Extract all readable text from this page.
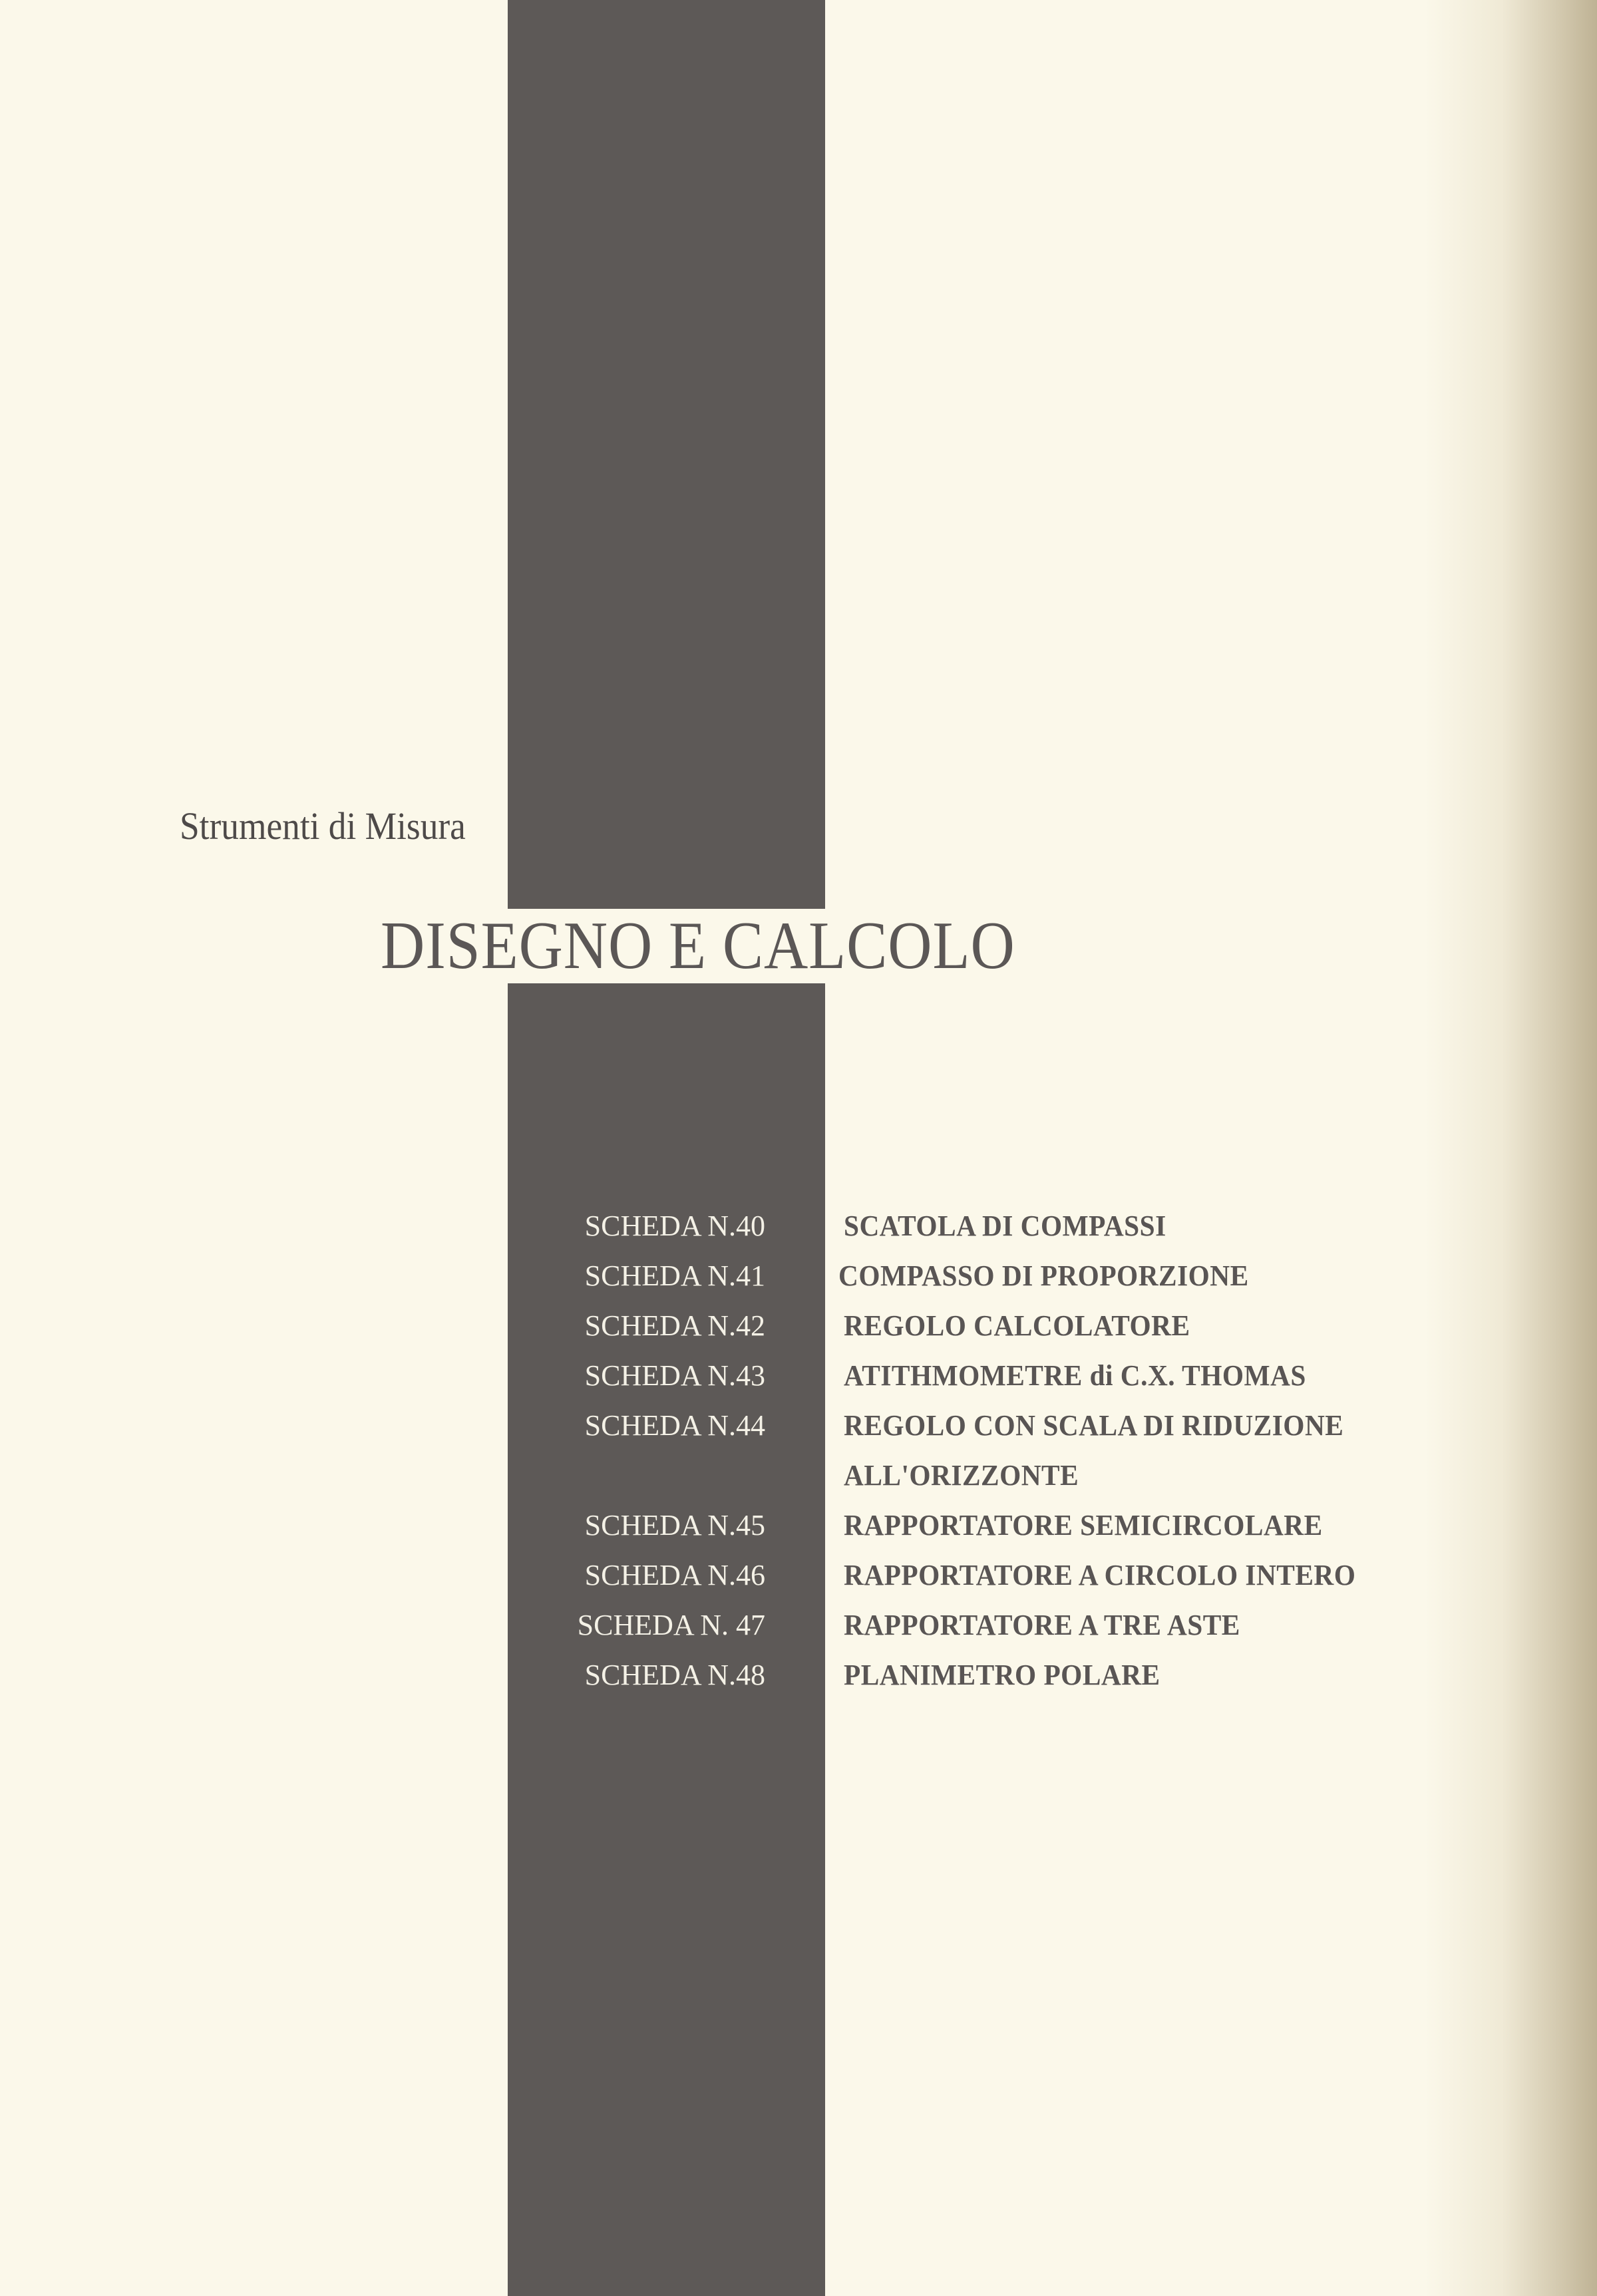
Strumenti di Misura
DISEGNO E CALCOLO
SCHEDA N.40	SCATOLA DI COMPASSI
SCHEDA N.41	COMPASSO DI PROPORZIONE
SCHEDA N.42	REGOLO CALCOLATORE
SCHEDA N.43	ATITHMOMETRE di C.X. THOMAS
SCHEDA N.44	REGOLO CON SCALA DI RIDUZIONE
ALL'ORIZZONTE
SCHEDA N.45	RAPPORTATORE SEMICIRCOLARE
SCHEDA N.46	RAPPORTATORE A CIRCOLO INTERO
SCHEDA N. 47	RAPPORTATORE A TRE ASTE
SCHEDA N.48	PLANIMETRO POLARE
